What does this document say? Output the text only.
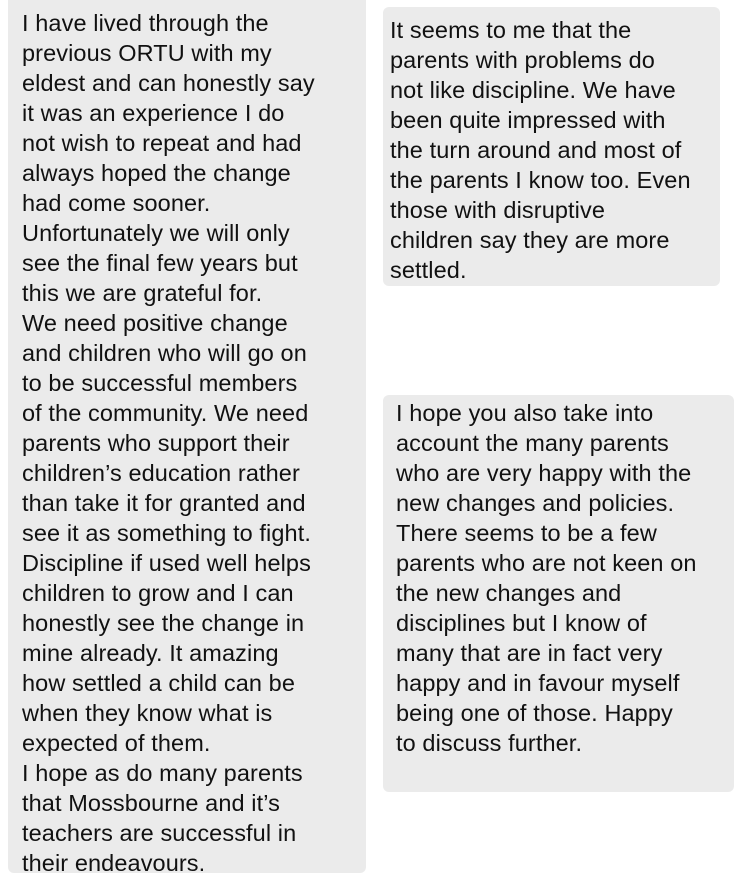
I have lived through the
previous ORTU with my
eldest and can honestly say
it was an experience I do
not wish to repeat and had
always hoped the change
had come sooner.
Unfortunately we will only
see the final few years but
this we are grateful for.
We need positive change
and children who will go on
to be successful members
of the community. We need
parents who support their
children’s education rather
than take it for granted and
see it as something to fight.
Discipline if used well helps
children to grow and I can
honestly see the change in
mine already. It amazing
how settled a child can be
when they know what is
expected of them.
I hope as do many parents
that Mossbourne and it’s
teachers are successful in
their endeavours.

It seems to me that the
parents with problems do
not like discipline. We have
been quite impressed with
the turn around and most of
the parents I know too. Even
those with disruptive
children say they are more
settled.

I hope you also take into
account the many parents
who are very happy with the
new changes and policies.
There seems to be a few
parents who are not keen on
the new changes and
disciplines but I know of
many that are in fact very
happy and in favour myself
being one of those. Happy
to discuss further.
